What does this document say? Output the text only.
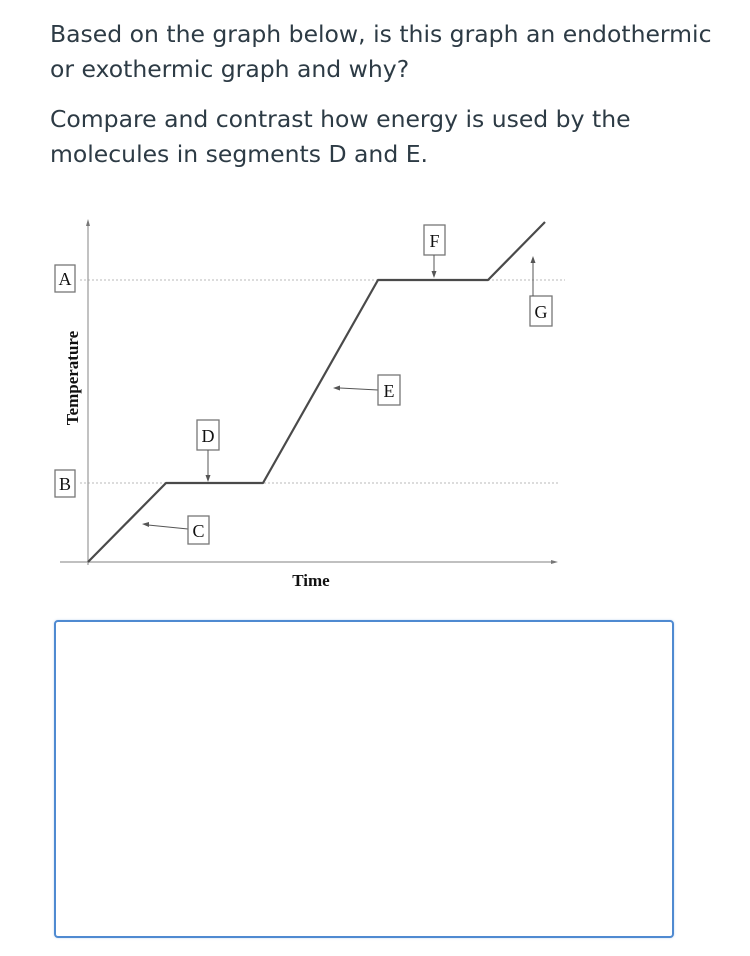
Based on the graph below, is this graph an endothermic or exothermic graph and why?

Compare and contrast how energy is used by the molecules in segments D and E.

A
B
Temperature
Time
C
D
E
F
G
